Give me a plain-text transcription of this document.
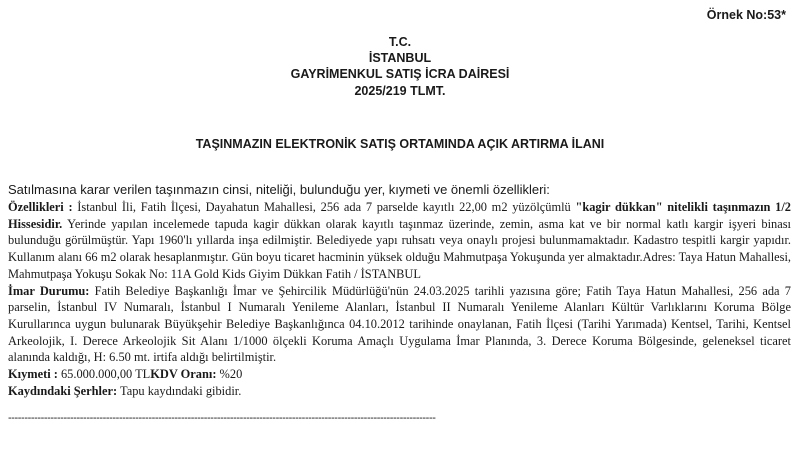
Örnek No:53*
T.C.
İSTANBUL
GAYRİMENKUL SATIŞ İCRA DAİRESİ
2025/219 TLMT.
TAŞINMAZIN ELEKTRONİK SATIŞ ORTAMINDA AÇIK ARTIRMA İLANI
Satılmasına karar verilen taşınmazın cinsi, niteliği, bulunduğu yer, kıymeti ve önemli özellikleri:

Özellikleri : İstanbul İli, Fatih İlçesi, Dayahatun Mahallesi, 256 ada 7 parselde kayıtlı 22,00 m2 yüzölçümlü "kagir dükkan" nitelikli taşınmazın 1/2 Hissesidir. Yerinde yapılan incelemede tapuda kagir dükkan olarak kayıtlı taşınmaz üzerinde, zemin, asma kat ve bir normal katlı kargir işyeri binası bulunduğu görülmüştür. Yapı 1960'lı yıllarda inşa edilmiştir. Belediyede yapı ruhsatı veya onaylı projesi bulunmamaktadır. Kadastro tespitli kargir yapıdır. Kullanım alanı 66 m2 olarak hesaplanmıştır. Gün boyu ticaret hacminin yüksek olduğu Mahmutpaşa Yokuşunda yer almaktadır.Adres: Taya Hatun Mahallesi, Mahmutpaşa Yokuşu Sokak No: 11A Gold Kids Giyim Dükkan Fatih / İSTANBUL

İmar Durumu: Fatih Belediye Başkanlığı İmar ve Şehircilik Müdürlüğü'nün 24.03.2025 tarihli yazısına göre; Fatih Taya Hatun Mahallesi, 256 ada 7 parselin, İstanbul IV Numaralı, İstanbul I Numaralı Yenileme Alanları, İstanbul II Numaralı Yenileme Alanları Kültür Varlıklarını Koruma Bölge Kurullarınca uygun bulunarak Büyükşehir Belediye Başkanlığınca 04.10.2012 tarihinde onaylanan, Fatih İlçesi (Tarihi Yarımada) Kentsel, Tarihi, Kentsel Arkeolojik, I. Derece Arkeolojik Sit Alanı 1/1000 ölçekli Koruma Amaçlı Uygulama İmar Planında, 3. Derece Koruma Bölgesinde, geleneksel ticaret alanında kaldığı, H: 6.50 mt. irtifa aldığı belirtilmiştir.

Kıymeti : 65.000.000,00 TLKDV Oranı: %20

Kaydındaki Şerhler: Tapu kaydındaki gibidir.

-----------------------------------------------------------------------------------------------------------------------------------
